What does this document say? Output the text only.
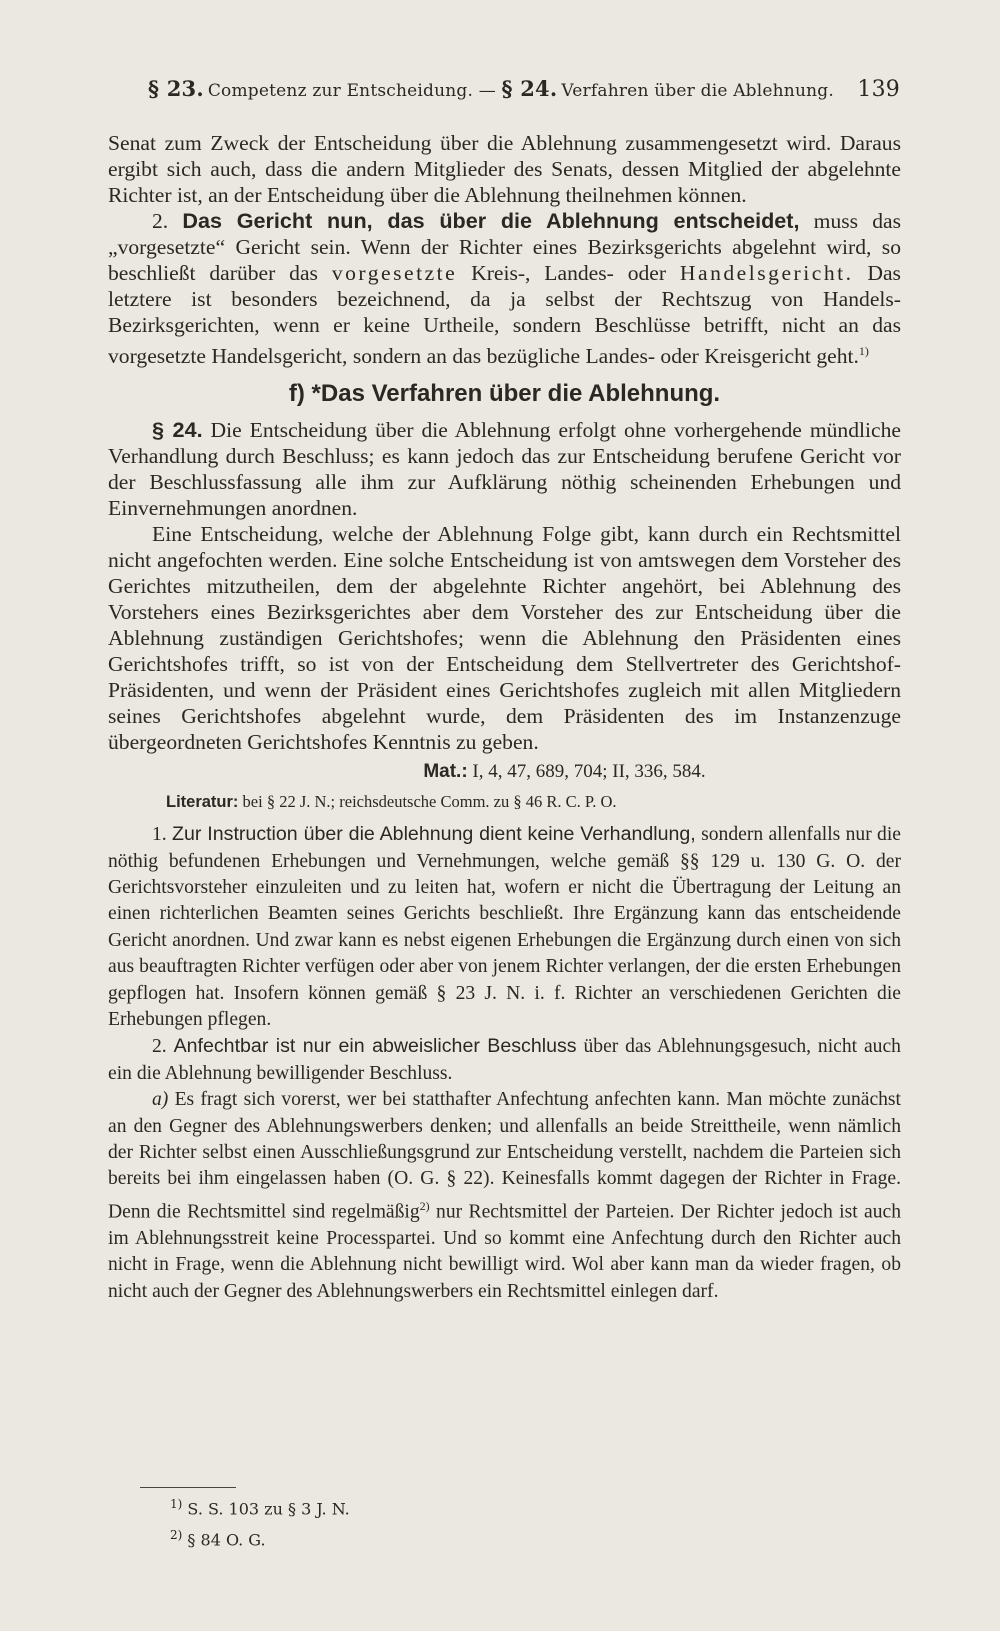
§ 23. Competenz zur Entscheidung.
—
§ 24. Verfahren über die Ablehnung. 139

Senat zum Zweck der Entscheidung über die Ablehnung zusammengesetzt wird. Daraus ergibt sich auch, dass die andern Mitglieder des Senats, dessen Mitglied der abgelehnte Richter ist, an der Entscheidung über die Ablehnung theilnehmen können.

2. Das Gericht nun, das über die Ablehnung entscheidet, muss das „vorgesetzte“ Gericht sein. Wenn der Richter eines Bezirksgerichts abgelehnt wird, so beschließt darüber das vorgesetzte Kreis-, Landes- oder Handelsgericht. Das letztere ist besonders bezeichnend, da ja selbst der Rechtszug von Handels-Bezirksgerichten, wenn er keine Urtheile, sondern Beschlüsse betrifft, nicht an das vorgesetzte Handelsgericht, sondern an das bezügliche Landes- oder Kreisgericht geht.$^{1)}$

f) *Das Verfahren über die Ablehnung.

§ 24. Die Entscheidung über die Ablehnung erfolgt ohne vorhergehende mündliche Verhandlung durch Beschluss; es kann jedoch das zur Entscheidung berufene Gericht vor der Beschlussfassung alle ihm zur Aufklärung nöthig scheinenden Erhebungen und Einvernehmungen anordnen.

Eine Entscheidung, welche der Ablehnung Folge gibt, kann durch ein Rechtsmittel nicht angefochten werden. Eine solche Entscheidung ist von amtswegen dem Vorsteher des Gerichtes mitzutheilen, dem der abgelehnte Richter angehört, bei Ablehnung des Vorstehers eines Bezirksgerichtes aber dem Vorsteher des zur Entscheidung über die Ablehnung zuständigen Gerichtshofes; wenn die Ablehnung den Präsidenten eines Gerichtshofes trifft, so ist von der Entscheidung dem Stellvertreter des Gerichtshof-Präsidenten, und wenn der Präsident eines Gerichtshofes zugleich mit allen Mitgliedern seines Gerichtshofes abgelehnt wurde, dem Präsidenten des im Instanzenzuge übergeordneten Gerichtshofes Kenntnis zu geben.

Mat.: I, 4, 47, 689, 704; II, 336, 584.
Literatur: bei § 22 J. N.; reichsdeutsche Comm. zu § 46 R. C. P. O.

1. Zur Instruction über die Ablehnung dient keine Verhandlung, sondern allenfalls nur die nöthig befundenen Erhebungen und Vernehmungen, welche gemäß §§ 129 u. 130 G. O. der Gerichtsvorsteher einzuleiten und zu leiten hat, wofern er nicht die Übertragung der Leitung an einen richterlichen Beamten seines Gerichts beschließt. Ihre Ergänzung kann das entscheidende Gericht anordnen. Und zwar kann es nebst eigenen Erhebungen die Ergänzung durch einen von sich aus beauftragten Richter verfügen oder aber von jenem Richter verlangen, der die ersten Erhebungen gepflogen hat. Insofern können gemäß § 23 J. N. i. f. Richter an verschiedenen Gerichten die Erhebungen pflegen.

2. Anfechtbar ist nur ein abweislicher Beschluss über das Ablehnungsgesuch, nicht auch ein die Ablehnung bewilligender Beschluss.

a) Es fragt sich vorerst, wer bei statthafter Anfechtung anfechten kann. Man möchte zunächst an den Gegner des Ablehnungswerbers denken; und allenfalls an beide Streittheile, wenn nämlich der Richter selbst einen Ausschließungsgrund zur Entscheidung verstellt, nachdem die Parteien sich bereits bei ihm eingelassen haben (O. G. § 22). Keinesfalls kommt dagegen der Richter in Frage. Denn die Rechtsmittel sind regelmäßig$^{2)}$ nur Rechtsmittel der Parteien. Der Richter jedoch ist auch im Ablehnungsstreit keine Processpartei. Und so kommt eine Anfechtung durch den Richter auch nicht in Frage, wenn die Ablehnung nicht bewilligt wird. Wol aber kann man da wieder fragen, ob nicht auch der Gegner des Ablehnungswerbers ein Rechtsmittel einlegen darf.

$^{1)}$ S. S. 103 zu § 3 J. N.
$^{2)}$ § 84 O. G.
